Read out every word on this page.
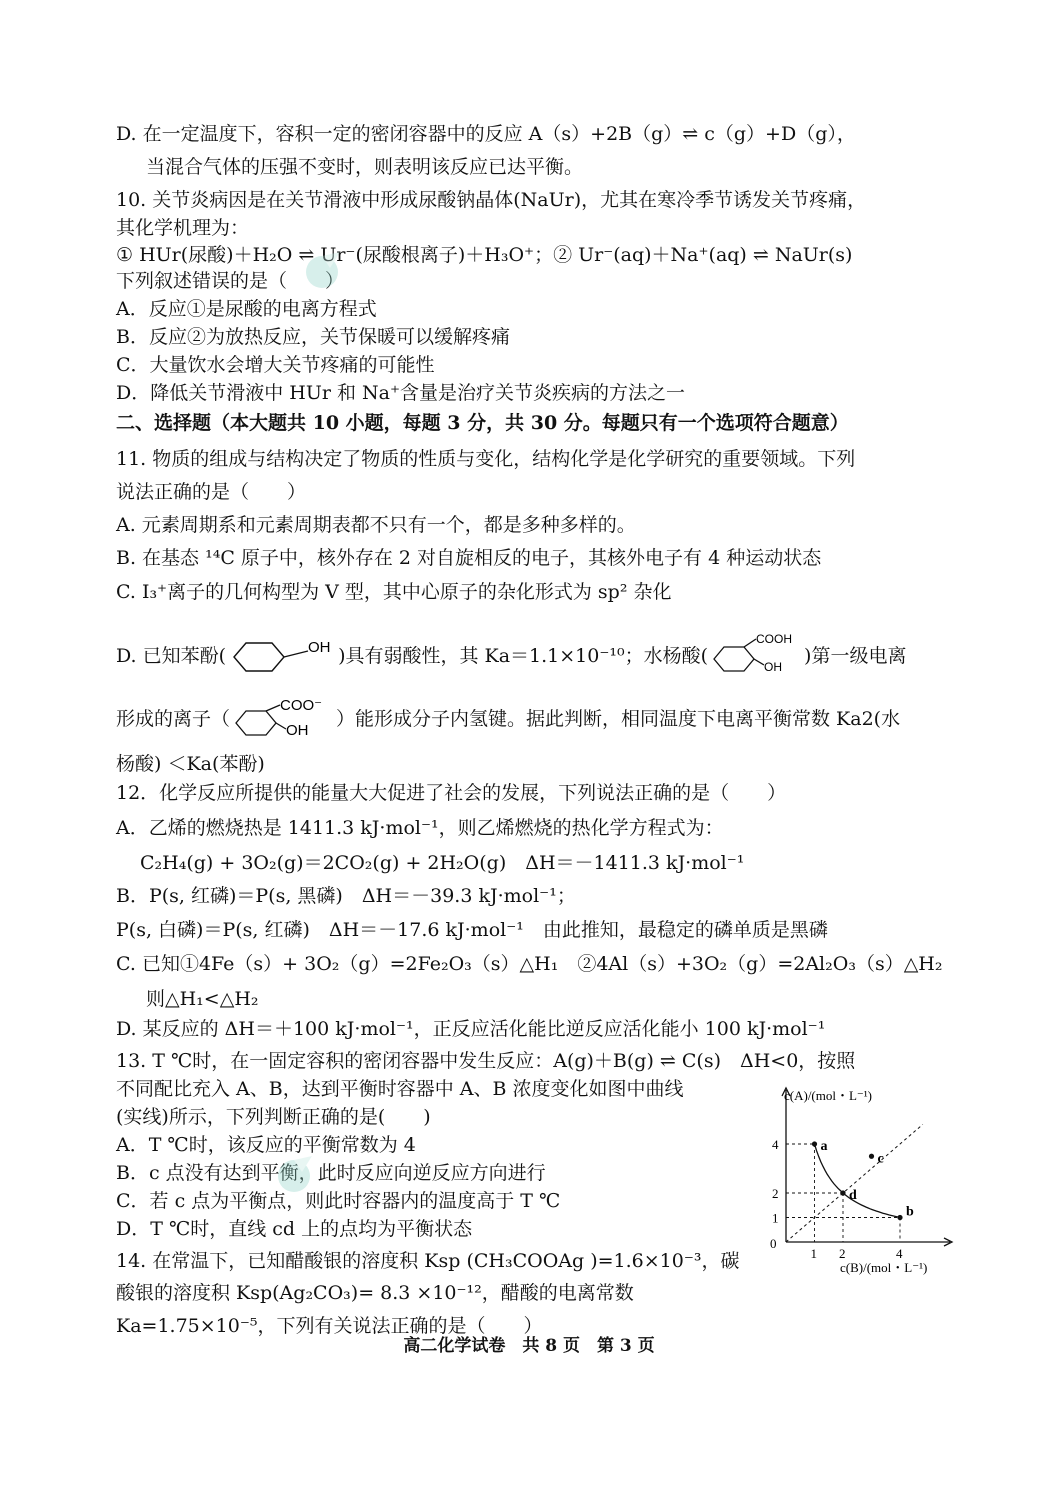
D. 在一定温度下，容积一定的密闭容器中的反应 A（s）+2B（g）⇌ c（g）+D（g），
当混合气体的压强不变时，则表明该反应已达平衡。
10. 关节炎病因是在关节滑液中形成尿酸钠晶体(NaUr)，尤其在寒冷季节诱发关节疼痛，
其化学机理为：
① HUr(尿酸)＋H₂O ⇌ Ur⁻(尿酸根离子)＋H₃O⁺；② Ur⁻(aq)＋Na⁺(aq) ⇌ NaUr(s)
下列叙述错误的是（　　）
A．反应①是尿酸的电离方程式
B．反应②为放热反应，关节保暖可以缓解疼痛
C．大量饮水会增大关节疼痛的可能性
D．降低关节滑液中 HUr 和 Na⁺含量是治疗关节炎疾病的方法之一
二、选择题（本大题共 10 小题，每题 3 分，共 30 分。每题只有一个选项符合题意）
11. 物质的组成与结构决定了物质的性质与变化，结构化学是化学研究的重要领域。下列
说法正确的是（　　）
A. 元素周期系和元素周期表都不只有一个，都是多种多样的。
B. 在基态 ¹⁴C 原子中，核外存在 2 对自旋相反的电子，其核外电子有 4 种运动状态
C. I₃⁺离子的几何构型为 V 型，其中心原子的杂化形式为 sp² 杂化
D. 已知苯酚(	OH )具有弱酸性，其 Ka＝1.1×10⁻¹⁰；水杨酸(
COOH
OH )第一级电离
形成的离子（
COO⁻
OH
）能形成分子内氢键。据此判断，相同温度下电离平衡常数 Ka2(水
杨酸) ＜Ka(苯酚)
12．化学反应所提供的能量大大促进了社会的发展，下列说法正确的是（　　）
A．乙烯的燃烧热是 1411.3 kJ·mol⁻¹，则乙烯燃烧的热化学方程式为：
C₂H₄(g) + 3O₂(g)＝2CO₂(g) + 2H₂O(g)　ΔH＝－1411.3 kJ·mol⁻¹
B．P(s, 红磷)＝P(s, 黑磷)　ΔH＝－39.3 kJ·mol⁻¹；
P(s, 白磷)＝P(s, 红磷)　ΔH＝－17.6 kJ·mol⁻¹　由此推知，最稳定的磷单质是黑磷
C. 已知①4Fe（s）+ 3O₂（g）=2Fe₂O₃（s）△H₁　②4Al（s）+3O₂（g）=2Al₂O₃（s）△H₂
则△H₁<△H₂
D. 某反应的 ΔH＝＋100 kJ·mol⁻¹，正反应活化能比逆反应活化能小 100 kJ·mol⁻¹
13. T ℃时，在一固定容积的密闭容器中发生反应：A(g)＋B(g) ⇌ C(s)　ΔH<0，按照
不同配比充入 A、B，达到平衡时容器中 A、B 浓度变化如图中曲线
(实线)所示，下列判断正确的是(　　)
A．T ℃时，该反应的平衡常数为 4
B．c 点没有达到平衡，此时反应向逆反应方向进行
C．若 c 点为平衡点，则此时容器内的温度高于 T ℃
D．T ℃时，直线 cd 上的点均为平衡状态
14. 在常温下，已知醋酸银的溶度积 Ksp (CH₃COOAg )=1.6×10⁻³，碳
酸银的溶度积 Ksp(Ag₂CO₃)= 8.3 ×10⁻¹²，醋酸的电离常数
Ka=1.75×10⁻⁵，下列有关说法正确的是（　　）
c(A)/(mol・L⁻¹)
c(B)/(mol・L⁻¹)
0
1 2	4
1
2
4	a
c
d
b
高二化学试卷　共 8 页　第 3 页
